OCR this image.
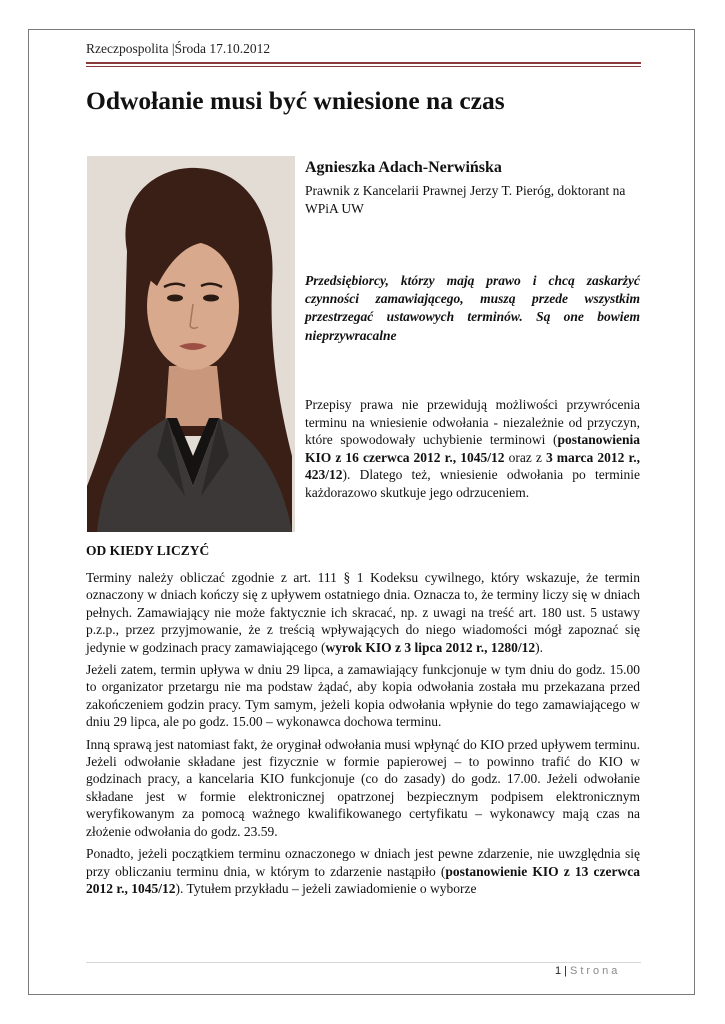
Rzeczpospolita |Środa 17.10.2012
Odwołanie musi być wniesione na czas
Agnieszka Adach-Nerwińska
Prawnik z Kancelarii Prawnej Jerzy T. Pieróg, doktorant na WPiA UW
Przedsiębiorcy, którzy mają prawo i chcą zaskarżyć czynności zamawiającego, muszą przede wszystkim przestrzegać ustawowych terminów. Są one bowiem nieprzywracalne
Przepisy prawa nie przewidują możliwości przywrócenia terminu na wniesienie odwołania - niezależnie od przyczyn, które spowodowały uchybienie terminowi (postanowienia KIO z 16 czerwca 2012 r., 1045/12 oraz z 3 marca 2012 r., 423/12). Dlatego też, wniesienie odwołania po terminie każdorazowo skutkuje jego odrzuceniem.
OD KIEDY LICZYĆ

Terminy należy obliczać zgodnie z art. 111 § 1 Kodeksu cywilnego, który wskazuje, że termin oznaczony w dniach kończy się z upływem ostatniego dnia. Oznacza to, że terminy liczy się w dniach pełnych. Zamawiający nie może faktycznie ich skracać, np. z uwagi na treść art. 180 ust. 5 ustawy p.z.p., przez przyjmowanie, że z treścią wpływających do niego wiadomości mógł zapoznać się jedynie w godzinach pracy zamawiającego (wyrok KIO z 3 lipca 2012 r., 1280/12).

Jeżeli zatem, termin upływa w dniu 29 lipca, a zamawiający funkcjonuje w tym dniu do godz. 15.00 to organizator przetargu nie ma podstaw żądać, aby kopia odwołania została mu przekazana przed zakończeniem godzin pracy. Tym samym, jeżeli kopia odwołania wpłynie do tego zamawiającego w dniu 29 lipca, ale po godz. 15.00 – wykonawca dochowa terminu.

Inną sprawą jest natomiast fakt, że oryginał odwołania musi wpłynąć do KIO przed upływem terminu. Jeżeli odwołanie składane jest fizycznie w formie papierowej – to powinno trafić do KIO w godzinach pracy, a kancelaria KIO funkcjonuje (co do zasady) do godz. 17.00. Jeżeli odwołanie składane jest w formie elektronicznej opatrzonej bezpiecznym podpisem elektronicznym weryfikowanym za pomocą ważnego kwalifikowanego certyfikatu – wykonawcy mają czas na złożenie odwołania do godz. 23.59.

Ponadto, jeżeli początkiem terminu oznaczonego w dniach jest pewne zdarzenie, nie uwzględnia się przy obliczaniu terminu dnia, w którym to zdarzenie nastąpiło (postanowienie KIO z 13 czerwca 2012 r., 1045/12). Tytułem przykładu – jeżeli zawiadomienie o wyborze

1 | Strona
